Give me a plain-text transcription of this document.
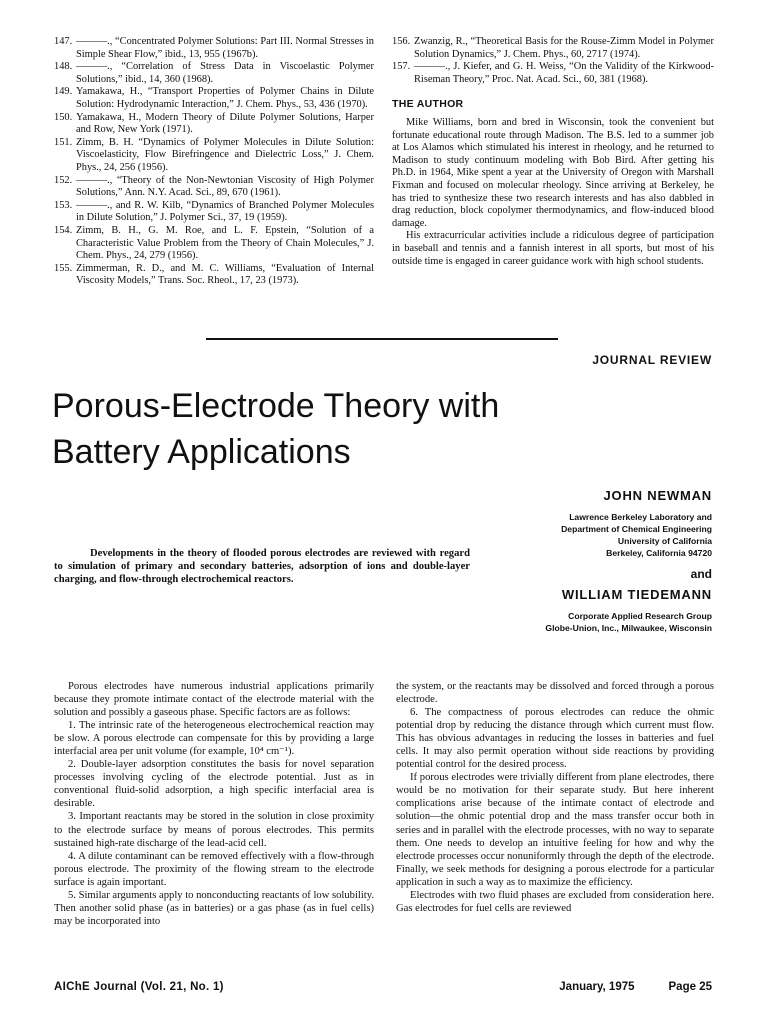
147. ———., “Concentrated Polymer Solutions: Part III. Normal Stresses in Simple Shear Flow,” ibid., 13, 955 (1967b).
148. ———., “Correlation of Stress Data in Viscoelastic Polymer Solutions,” ibid., 14, 360 (1968).
149. Yamakawa, H., “Transport Properties of Polymer Chains in Dilute Solution: Hydrodynamic Interaction,” J. Chem. Phys., 53, 436 (1970).
150. Yamakawa, H., Modern Theory of Dilute Polymer Solutions, Harper and Row, New York (1971).
151. Zimm, B. H. “Dynamics of Polymer Molecules in Dilute Solution: Viscoelasticity, Flow Birefringence and Dielectric Loss,” J. Chem. Phys., 24, 256 (1956).
152. ———., “Theory of the Non-Newtonian Viscosity of High Polymer Solutions,” Ann. N.Y. Acad. Sci., 89, 670 (1961).
153. ———., and R. W. Kilb, “Dynamics of Branched Polymer Molecules in Dilute Solution,” J. Polymer Sci., 37, 19 (1959).
154. Zimm, B. H., G. M. Roe, and L. F. Epstein, “Solution of a Characteristic Value Problem from the Theory of Chain Molecules,” J. Chem. Phys., 24, 279 (1956).
155. Zimmerman, R. D., and M. C. Williams, “Evaluation of Internal Viscosity Models,” Trans. Soc. Rheol., 17, 23 (1973).
156. Zwanzig, R., “Theoretical Basis for the Rouse-Zimm Model in Polymer Solution Dynamics,” J. Chem. Phys., 60, 2717 (1974).
157. ———., J. Kiefer, and G. H. Weiss, “On the Validity of the Kirkwood-Riseman Theory,” Proc. Nat. Acad. Sci., 60, 381 (1968).
THE AUTHOR

Mike Williams, born and bred in Wisconsin, took the convenient but fortunate educational route through Madison. The B.S. led to a summer job at Los Alamos which stimulated his interest in rheology, and he returned to Madison to study continuum modeling with Bob Bird. After getting his Ph.D. in 1964, Mike spent a year at the University of Oregon with Marshall Fixman and focused on molecular rheology. Since arriving at Berkeley, he has tried to synthesize these two research interests and has also dabbled in drag reduction, block copolymer thermodynamics, and flow-induced blood damage.

His extracurricular activities include a ridiculous degree of participation in baseball and tennis and a fannish interest in all sports, but most of his outside time is engaged in career guidance work with high school students.

JOURNAL REVIEW
Porous-Electrode Theory with
Battery Applications
JOHN NEWMAN
Lawrence Berkeley Laboratory and
Department of Chemical Engineering
University of California
Berkeley, California 94720
and
WILLIAM TIEDEMANN
Corporate Applied Research Group
Globe-Union, Inc., Milwaukee, Wisconsin

Developments in the theory of flooded porous electrodes are reviewed with regard to simulation of primary and secondary batteries, adsorption of ions and double-layer charging, and flow-through electrochemical reactors.

Porous electrodes have numerous industrial applications primarily because they promote intimate contact of the electrode material with the solution and possibly a gaseous phase. Specific factors are as follows:

1. The intrinsic rate of the heterogeneous electrochemical reaction may be slow. A porous electrode can compensate for this by providing a large interfacial area per unit volume (for example, 10⁴ cm⁻¹).

2. Double-layer adsorption constitutes the basis for novel separation processes involving cycling of the electrode potential. Just as in conventional fluid-solid adsorption, a high specific interfacial area is desirable.

3. Important reactants may be stored in the solution in close proximity to the electrode surface by means of porous electrodes. This permits sustained high-rate discharge of the lead-acid cell.

4. A dilute contaminant can be removed effectively with a flow-through porous electrode. The proximity of the flowing stream to the electrode surface is again important.

5. Similar arguments apply to nonconducting reactants of low solubility. Then another solid phase (as in batteries) or a gas phase (as in fuel cells) may be incorporated into

the system, or the reactants may be dissolved and forced through a porous electrode.

6. The compactness of porous electrodes can reduce the ohmic potential drop by reducing the distance through which current must flow. This has obvious advantages in reducing the losses in batteries and fuel cells. It may also permit operation without side reactions by providing potential control for the desired process.

If porous electrodes were trivially different from plane electrodes, there would be no motivation for their separate study. But here inherent complications arise because of the intimate contact of electrode and solution—the ohmic potential drop and the mass transfer occur both in series and in parallel with the electrode processes, with no way to separate them. One needs to develop an intuitive feeling for how and why the electrode processes occur nonuniformly through the depth of the electrode. Finally, we seek methods for designing a porous electrode for a particular application in such a way as to maximize the efficiency.

Electrodes with two fluid phases are excluded from consideration here. Gas electrodes for fuel cells are reviewed

AIChE Journal (Vol. 21, No. 1)	January, 1975	Page 25
